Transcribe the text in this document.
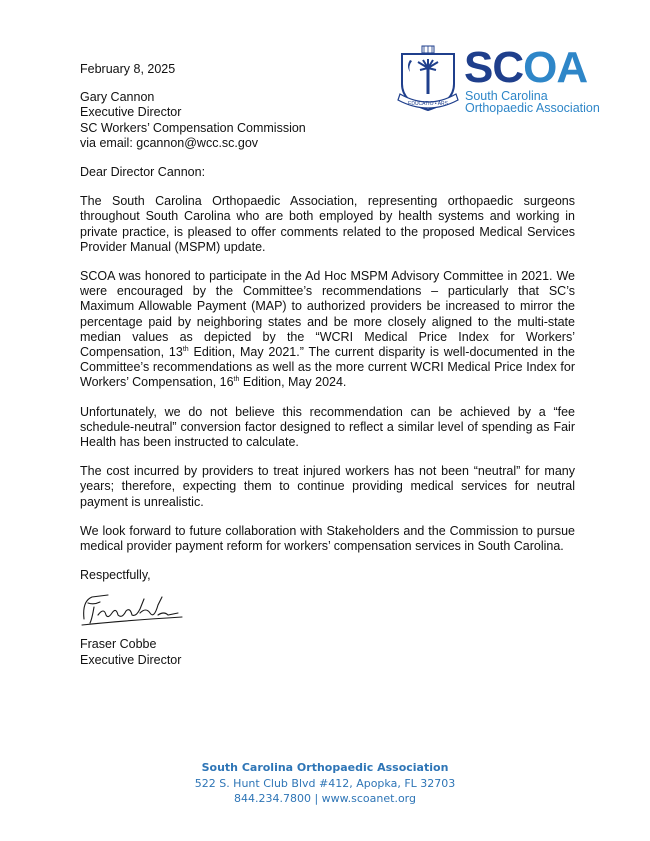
EDUCATIO • ARS
SCOA
South Carolina
Orthopaedic Association

February 8, 2025

Gary Cannon

Executive Director

SC Workers’ Compensation Commission

via email: gcannon@wcc.sc.gov

Dear Director Cannon:

The South Carolina Orthopaedic Association, representing orthopaedic surgeons throughout South Carolina who are both employed by health systems and working in private practice, is pleased to offer comments related to the proposed Medical Services Provider Manual (MSPM) update.

SCOA was honored to participate in the Ad Hoc MSPM Advisory Committee in 2021. We were encouraged by the Committee’s recommendations – particularly that SC’s Maximum Allowable Payment (MAP) to authorized providers be increased to mirror the percentage paid by neighboring states and be more closely aligned to the multi-state median values as depicted by the “WCRI Medical Price Index for Workers’ Compensation, 13th Edition, May 2021.” The current disparity is well-documented in the Committee’s recommendations as well as the more current WCRI Medical Price Index for Workers’ Compensation, 16th Edition, May 2024.

Unfortunately, we do not believe this recommendation can be achieved by a “fee schedule-neutral” conversion factor designed to reflect a similar level of spending as Fair Health has been instructed to calculate.

The cost incurred by providers to treat injured workers has not been “neutral” for many years; therefore, expecting them to continue providing medical services for neutral payment is unrealistic.

We look forward to future collaboration with Stakeholders and the Commission to pursue medical provider payment reform for workers’ compensation services in South Carolina.

Respectfully,

Fraser Cobbe

Executive Director

South Carolina Orthopaedic Association
522 S. Hunt Club Blvd #412, Apopka, FL 32703
844.234.7800 | www.scoanet.org
